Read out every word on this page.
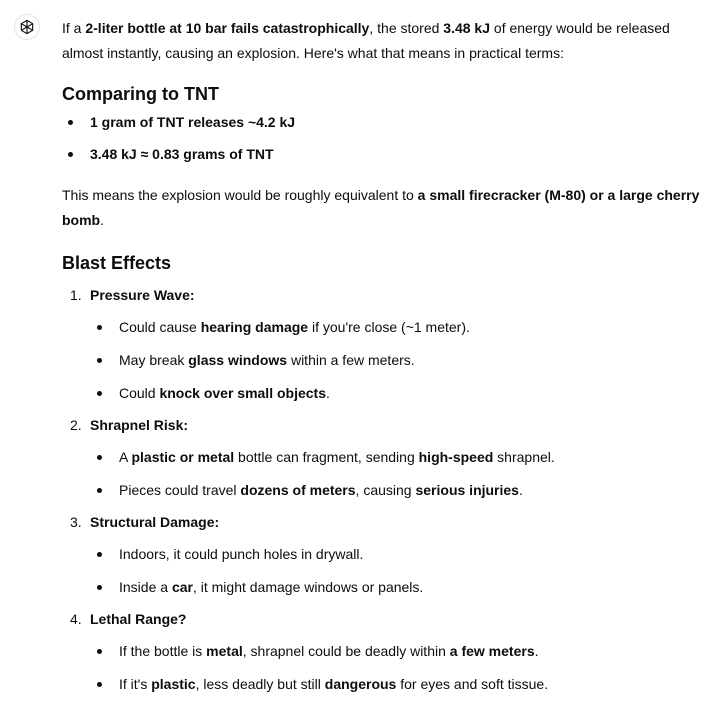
If a 2-liter bottle at 10 bar fails catastrophically, the stored 3.48 kJ of energy would be released almost instantly, causing an explosion. Here's what that means in practical terms:

Comparing to TNT
1 gram of TNT releases ~4.2 kJ
3.48 kJ ≈ 0.83 grams of TNT

This means the explosion would be roughly equivalent to a small firecracker (M-80) or a large cherry bomb.

Blast Effects
1. Pressure Wave:
Could cause hearing damage if you're close (~1 meter).
May break glass windows within a few meters.
Could knock over small objects.
2. Shrapnel Risk:
A plastic or metal bottle can fragment, sending high-speed shrapnel.
Pieces could travel dozens of meters, causing serious injuries.
3. Structural Damage:
Indoors, it could punch holes in drywall.
Inside a car, it might damage windows or panels.
4. Lethal Range?
If the bottle is metal, shrapnel could be deadly within a few meters.
If it's plastic, less deadly but still dangerous for eyes and soft tissue.
